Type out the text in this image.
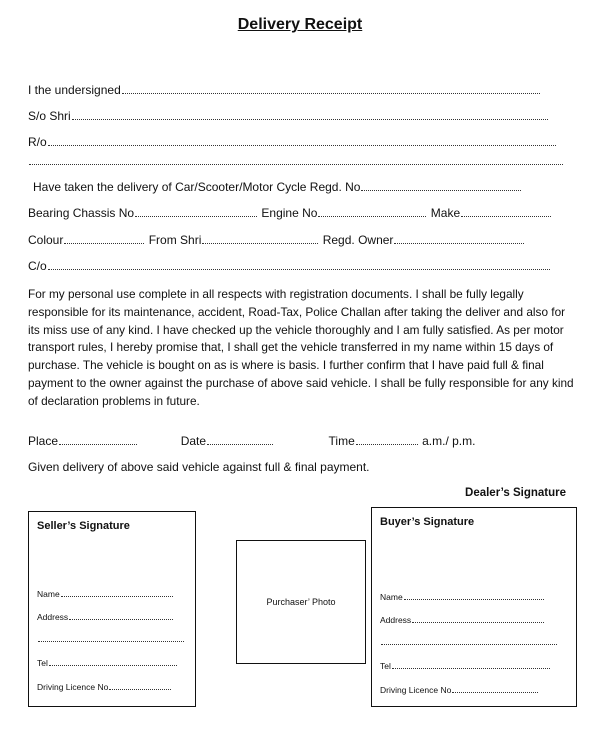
Delivery Receipt
I the undersigned
S/o Shri
R/o
Have taken the delivery of Car/Scooter/Motor Cycle Regd. No
Bearing Chassis No	Engine No	Make
Colour	From Shri	Regd. Owner
C/o
For my personal use complete in all respects with registration documents. I shall be fully legally responsible for its maintenance, accident, Road-Tax, Police Challan after taking the deliver and also for its miss use of any kind. I have checked up the vehicle thoroughly and I am fully satisfied. As per motor transport rules, I hereby promise that, I shall get the vehicle transferred in my name within 15 days of purchase. The vehicle is bought on as is where is basis. I further confirm that I have paid full & final payment to the owner against the purchase of above said vehicle. I shall be fully responsible for any kind of declaration problems in future.
Place	Date	Time	a.m./ p.m.
Given delivery of above said vehicle against full & final payment.
Dealer’s Signature
Seller’s Signature
Name
Address
Tel
Driving Licence No
Purchaser’ Photo
Buyer’s Signature
Name
Address
Tel
Driving Licence No
